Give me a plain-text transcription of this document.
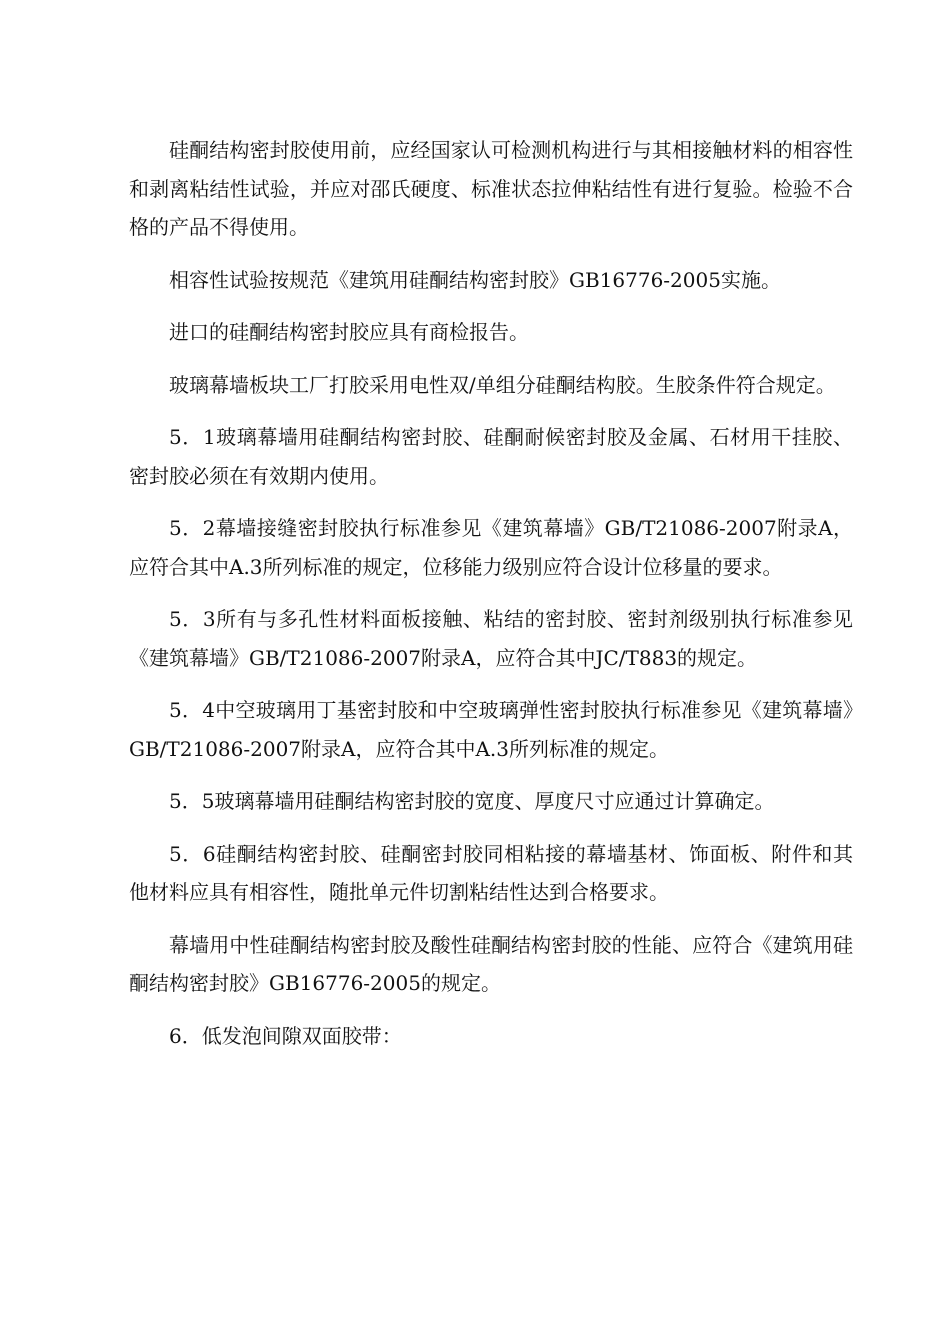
硅酮结构密封胶使用前，应经国家认可检测机构进行与其相接触材料的相容性和剥离粘结性试验，并应对邵氏硬度、标准状态拉伸粘结性有进行复验。检验不合格的产品不得使用。

相容性试验按规范《建筑用硅酮结构密封胶》GB16776-2005实施。

进口的硅酮结构密封胶应具有商检报告。

玻璃幕墙板块工厂打胶采用电性双/单组分硅酮结构胶。生胶条件符合规定。

5．1玻璃幕墙用硅酮结构密封胶、硅酮耐候密封胶及金属、石材用干挂胶、密封胶必须在有效期内使用。

5．2幕墙接缝密封胶执行标准参见《建筑幕墙》GB/T21086-2007附录A，应符合其中A.3所列标准的规定，位移能力级别应符合设计位移量的要求。

5．3所有与多孔性材料面板接触、粘结的密封胶、密封剂级别执行标准参见《建筑幕墙》GB/T21086-2007附录A，应符合其中JC/T883的规定。

5．4中空玻璃用丁基密封胶和中空玻璃弹性密封胶执行标准参见《建筑幕墙》GB/T21086-2007附录A，应符合其中A.3所列标准的规定。

5．5玻璃幕墙用硅酮结构密封胶的宽度、厚度尺寸应通过计算确定。

5．6硅酮结构密封胶、硅酮密封胶同相粘接的幕墙基材、饰面板、附件和其他材料应具有相容性，随批单元件切割粘结性达到合格要求。

幕墙用中性硅酮结构密封胶及酸性硅酮结构密封胶的性能、应符合《建筑用硅酮结构密封胶》GB16776-2005的规定。

6．低发泡间隙双面胶带：
